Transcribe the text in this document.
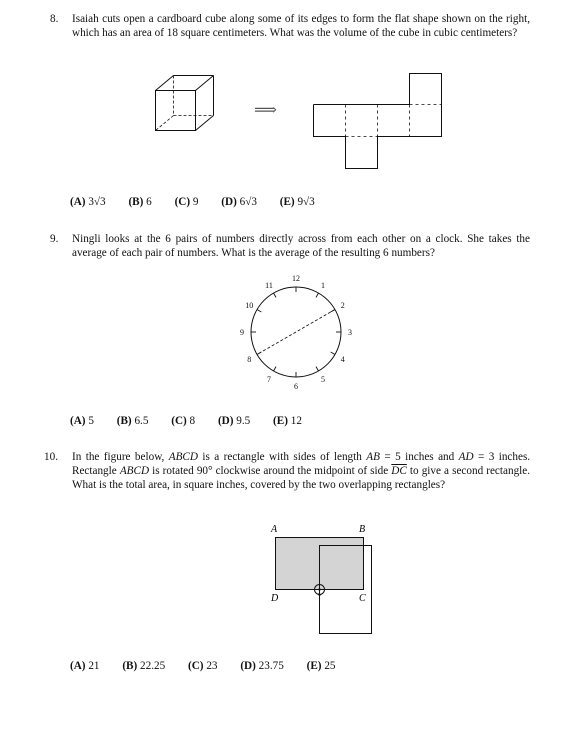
8. Isaiah cuts open a cardboard cube along some of its edges to form the flat shape shown on the right, which has an area of 18 square centimeters. What was the volume of the cube in cubic centimeters?
⟹
(A) 3√3 (B) 6 (C) 9 (D) 6√3 (E) 9√3
9. Ningli looks at the 6 pairs of numbers directly across from each other on a clock. She takes the average of each pair of numbers. What is the average of the resulting 6 numbers?
12
1
2
3
4
5
6
7
8
9
10
11
(A) 5 (B) 6.5 (C) 8 (D) 9.5 (E) 12
10. In the figure below, ABCD is a rectangle with sides of length AB = 5 inches and AD = 3 inches. Rectangle ABCD is rotated 90° clockwise around the midpoint of side $\overline{DC}$ to give a second rectangle. What is the total area, in square inches, covered by the two overlapping rectangles?
A	B
C
D
(A) 21 (B) 22.25 (C) 23 (D) 23.75 (E) 25
